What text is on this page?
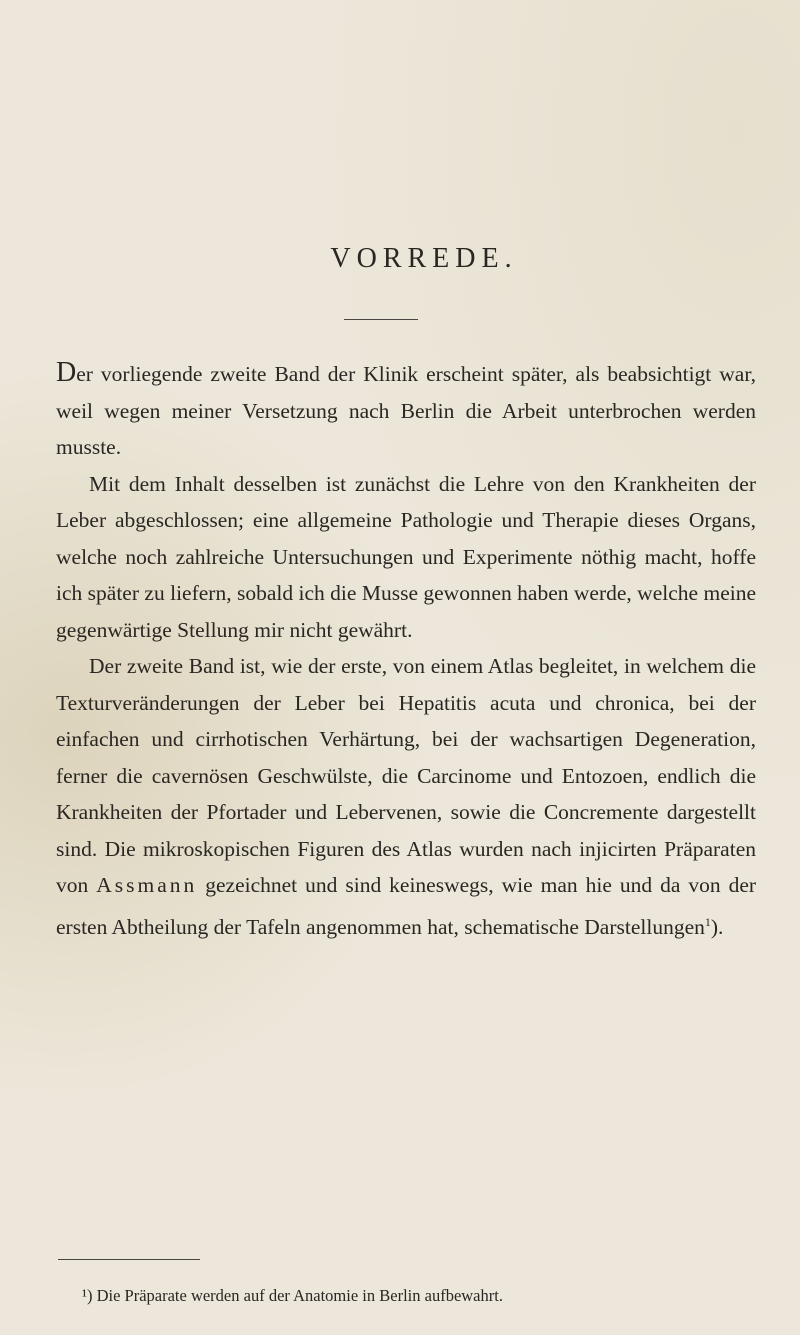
VORREDE.

Der vorliegende zweite Band der Klinik erscheint später, als beabsichtigt war, weil wegen meiner Versetzung nach Berlin die Arbeit unterbrochen werden musste.

Mit dem Inhalt desselben ist zunächst die Lehre von den Krankheiten der Leber abgeschlossen; eine allgemeine Pathologie und Therapie dieses Organs, welche noch zahlreiche Untersuchungen und Experimente nöthig macht, hoffe ich später zu liefern, sobald ich die Musse gewonnen haben werde, welche meine gegenwärtige Stellung mir nicht gewährt.

Der zweite Band ist, wie der erste, von einem Atlas begleitet, in welchem die Texturveränderungen der Leber bei Hepatitis acuta und chronica, bei der einfachen und cirrhotischen Verhärtung, bei der wachsartigen Degeneration, ferner die cavernösen Geschwülste, die Carcinome und Entozoen, endlich die Krankheiten der Pfortader und Lebervenen, sowie die Concremente dargestellt sind. Die mikroskopischen Figuren des Atlas wurden nach injicirten Präparaten von Assmann gezeichnet und sind keineswegs, wie man hie und da von der ersten Abtheilung der Tafeln angenommen hat, schematische Darstellungen$^1$).

¹) Die Präparate werden auf der Anatomie in Berlin aufbewahrt.
